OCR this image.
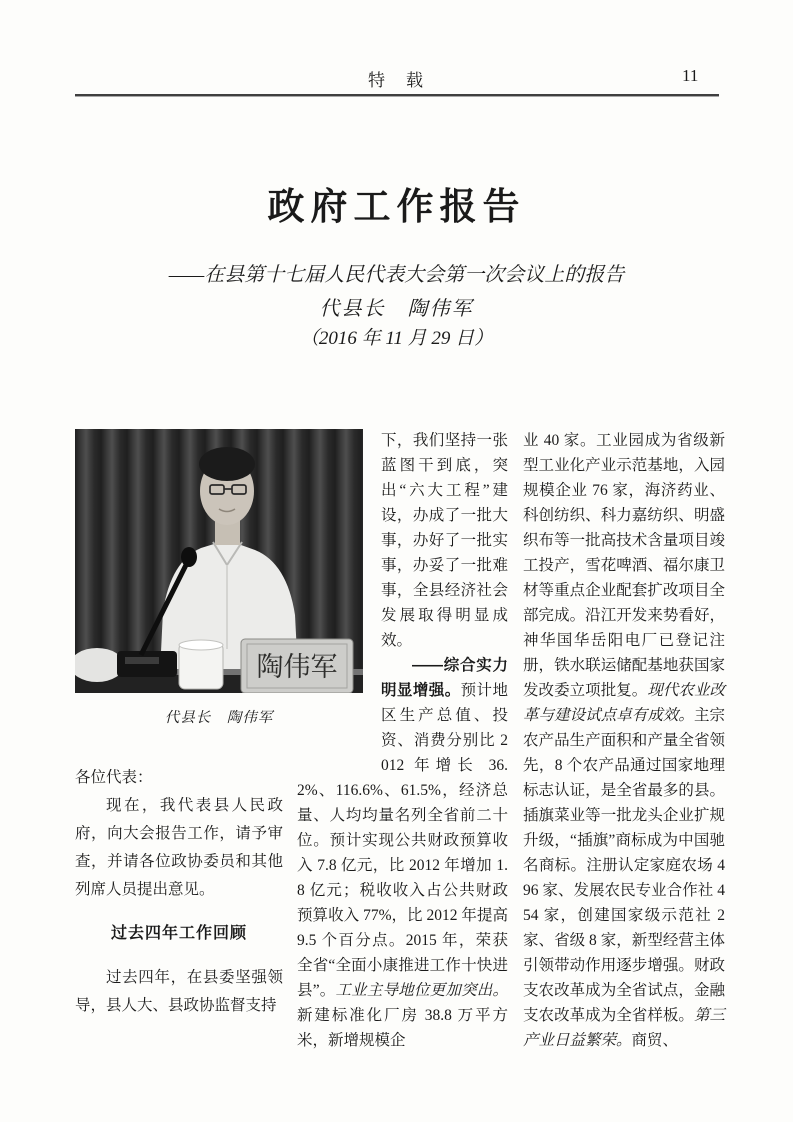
特　载	11
政府工作报告

——在县第十七届人民代表大会第一次会议上的报告

代县长　陶伟军

（2016 年 11 月 29 日）

陶伟军
代县长　陶伟军

各位代表：

现在，我代表县人民政府，向大会报告工作，请予审查，并请各位政协委员和其他列席人员提出意见。

过去四年工作回顾

过去四年，在县委坚强领导，县人大、县政协监督支持

下，我们坚持一张蓝图干到底，突出“六大工程”建设，办成了一批大事，办好了一批实事，办妥了一批难事，全县经济社会发展取得明显成效。

——综合实力明显增强。预计地区生产总值、投资、消费分别比 2012 年增长 36.2%、116.6%、61.5%，经济总量、人均均量名列全省前二十位。预计实现公共财政预算收入 7.8 亿元，比 2012 年增加 1.8 亿元；税收收入占公共财政预算收入 77%，比 2012 年提高 9.5 个百分点。2015 年，荣获全省“全面小康推进工作十快进县”。工业主导地位更加突出。新建标准化厂房 38.8 万平方米，新增规模企

业 40 家。工业园成为省级新型工业化产业示范基地，入园规模企业 76 家，海济药业、科创纺织、科力嘉纺织、明盛织布等一批高技术含量项目竣工投产，雪花啤酒、福尔康卫材等重点企业配套扩改项目全部完成。沿江开发来势看好，神华国华岳阳电厂已登记注册，铁水联运储配基地获国家发改委立项批复。现代农业改革与建设试点卓有成效。主宗农产品生产面积和产量全省领先，8 个农产品通过国家地理标志认证，是全省最多的县。插旗菜业等一批龙头企业扩规升级，“插旗”商标成为中国驰名商标。注册认定家庭农场 496 家、发展农民专业合作社 454 家，创建国家级示范社 2 家、省级 8 家，新型经营主体引领带动作用逐步增强。财政支农改革成为全省试点，金融支农改革成为全省样板。第三产业日益繁荣。商贸、
